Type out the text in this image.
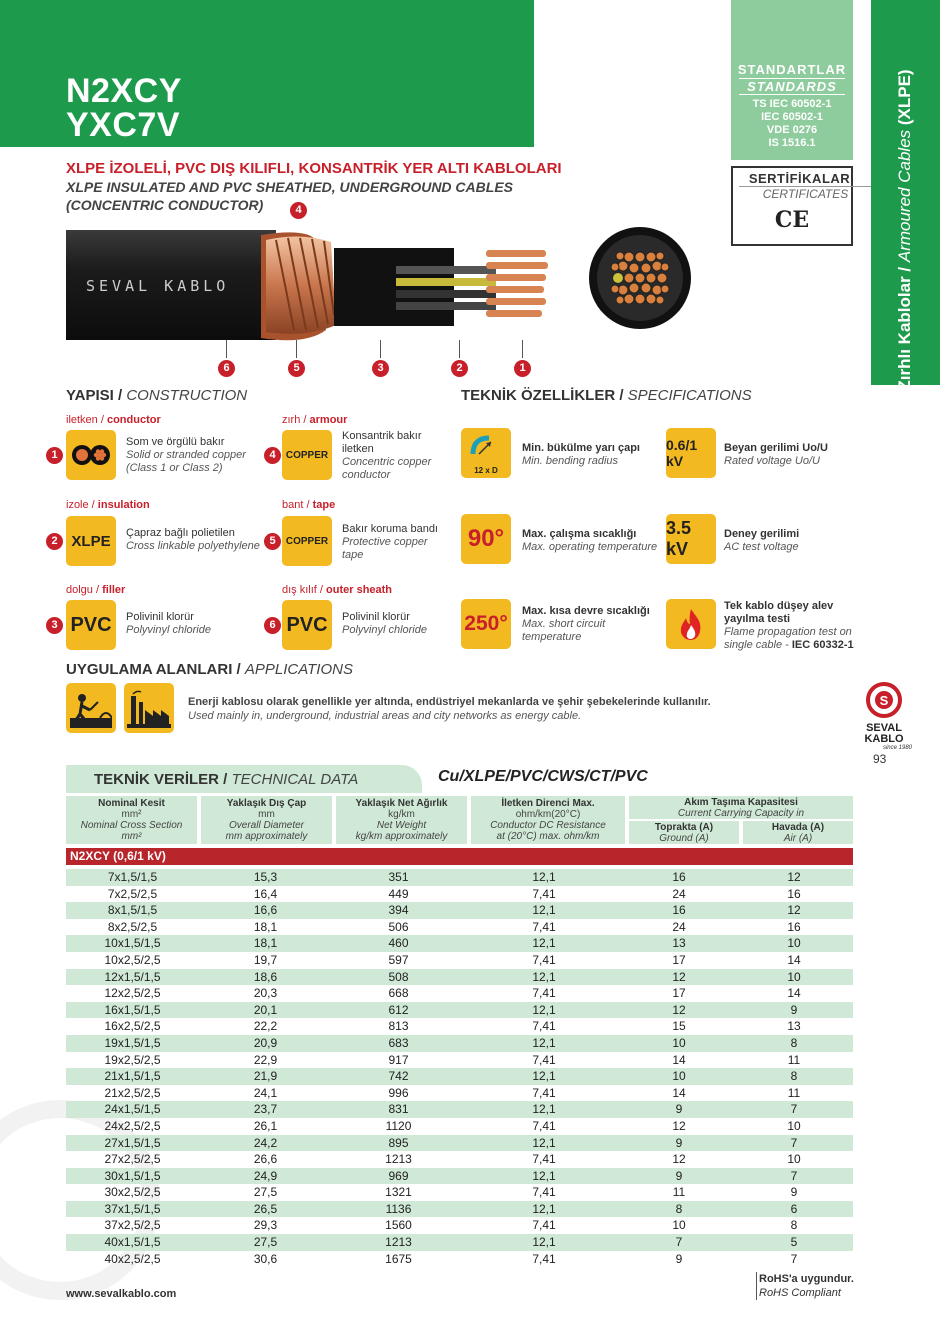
N2XCY
YXC7V
STANDARTLAR
STANDARDS
TS IEC 60502-1
IEC 60502-1
VDE 0276
IS 1516.1
SERTİFİKALAR
CERTIFICATES
CE
Zırhlı Kablolar / Armoured Cables (XLPE)
XLPE İZOLELİ, PVC DIŞ KILIFLI, KONSANTRİK YER ALTI KABLOLARI
XLPE INSULATED AND PVC SHEATHED, UNDERGROUND CABLES
(CONCENTRIC CONDUCTOR)
SEVAL KABLO
4
6	5	3	2	1
YAPISI / CONSTRUCTION
iletken / conductor
1
Som ve örgülü bakır
Solid or stranded copper
(Class 1 or Class 2)
zırh / armour
4	COPPER
Konsantrik bakır iletken
Concentric copper
conductor
izole / insulation
2 XLPE	Çapraz bağlı polietilen
Cross linkable polyethylene
bant / tape
5	COPPER
Bakır koruma bandı
Protective copper
tape
dolgu / filler
3 PVC	Polivinil klorür
Polyvinyl chloride
dış kılıf / outer sheath
6 PVC	Polivinil klorür
Polyvinyl chloride
TEKNİK ÖZELLİKLER / SPECIFICATIONS
12 x D
Min. bükülme yarı çapı
Min. bending radius
0.6/1 kV
Beyan gerilimi Uo/U
Rated voltage Uo/U
90°	Max. çalışma sıcaklığı
Max. operating temperature
3.5 kV
Deney gerilimi
AC test voltage
250°
Max. kısa devre sıcaklığı
Max. short circuit
temperature
Tek kablo düşey alev yayılma testi
Flame propagation test on
single cable - IEC 60332-1
UYGULAMA ALANLARI / APPLICATIONS
Enerji kablosu olarak genellikle yer altında, endüstriyel mekanlarda ve şehir şebekelerinde kullanılır.
Used mainly in, underground, industrial areas and city networks as energy cable.
S
SEVAL
KABLO
since 1980
93
TEKNİK VERİLER / TECHNICAL DATA	Cu/XLPE/PVC/CWS/CT/PVC
Nominal Kesit
mm²
Nominal Cross Section
mm²
Yaklaşık Dış Çap
mm
Overall Diameter
mm approximately
Yaklaşık Net Ağırlık
kg/km
Net Weight
kg/km approximately
İletken Direnci Max.
ohm/km(20°C)
Conductor DC Resistance
at (20°C) max. ohm/km
Akım Taşıma Kapasitesi
Current Carrying Capacity in
Toprakta (A)
Ground (A)
Havada (A)
Air (A)
N2XCY (0,6/1 kV)
7x1,5/1,5	15,3	351	12,1	16	12
7x2,5/2,5	16,4	449	7,41	24	16
8x1,5/1,5	16,6	394	12,1	16	12
8x2,5/2,5	18,1	506	7,41	24	16
10x1,5/1,5	18,1	460	12,1	13	10
10x2,5/2,5	19,7	597	7,41	17	14
12x1,5/1,5	18,6	508	12,1	12	10
12x2,5/2,5	20,3	668	7,41	17	14
16x1,5/1,5	20,1	612	12,1	12	9
16x2,5/2,5	22,2	813	7,41	15	13
19x1,5/1,5	20,9	683	12,1	10	8
19x2,5/2,5	22,9	917	7,41	14	11
21x1,5/1,5	21,9	742	12,1	10	8
21x2,5/2,5	24,1	996	7,41	14	11
24x1,5/1,5	23,7	831	12,1	9	7
24x2,5/2,5	26,1	1120	7,41	12	10
27x1,5/1,5	24,2	895	12,1	9	7
27x2,5/2,5	26,6	1213	7,41	12	10
30x1,5/1,5	24,9	969	12,1	9	7
30x2,5/2,5	27,5	1321	7,41	11	9
37x1,5/1,5	26,5	1136	12,1	8	6
37x2,5/2,5	29,3	1560	7,41	10	8
40x1,5/1,5	27,5	1213	12,1	7	5
40x2,5/2,5	30,6	1675	7,41	9	7
www.sevalkablo.com
RoHS'a uygundur.
RoHS Compliant
